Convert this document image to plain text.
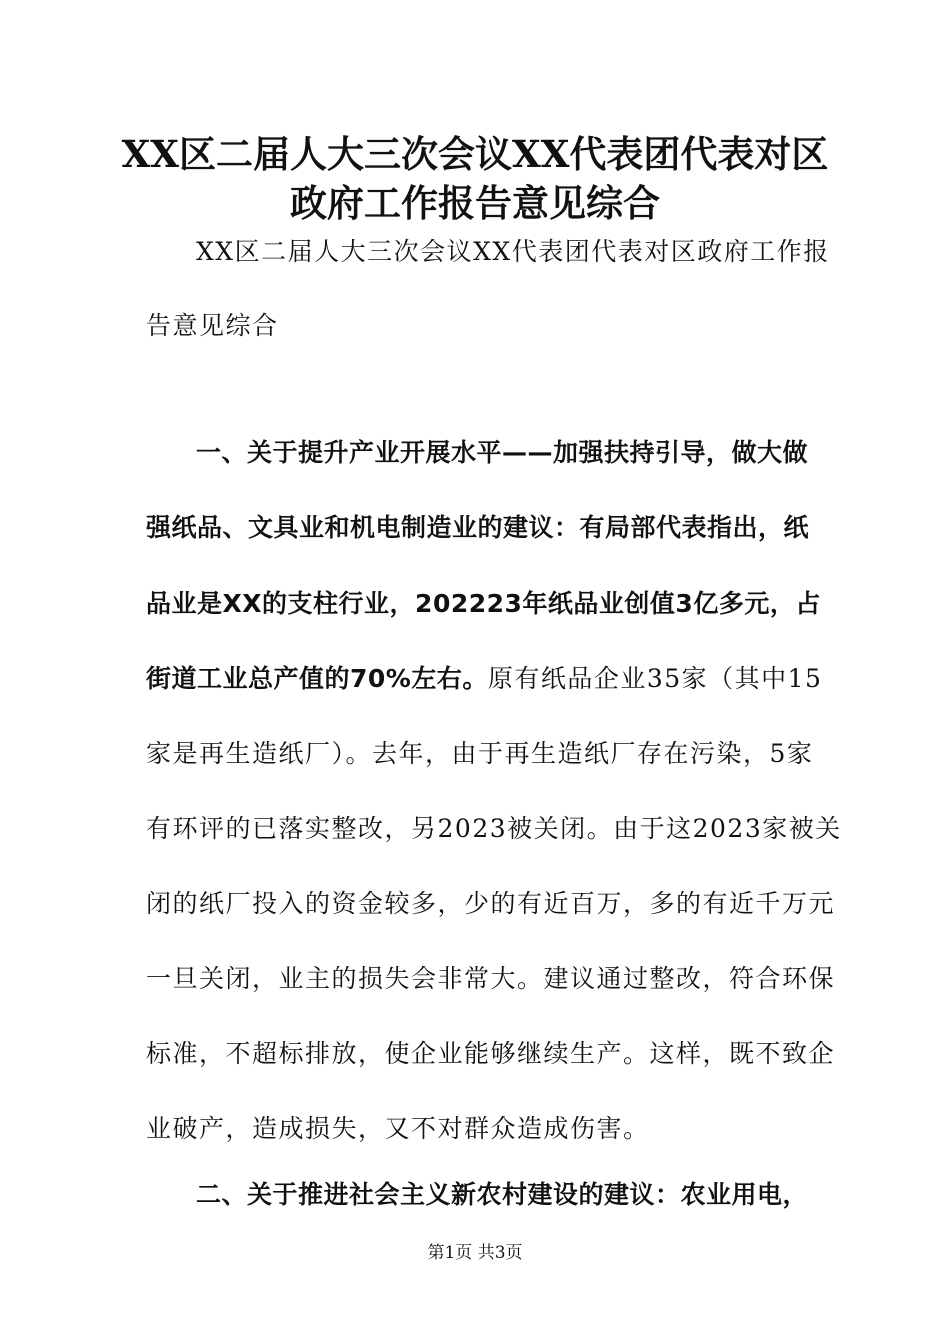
XX区二届人大三次会议XX代表团代表对区
政府工作报告意见综合
XX区二届人大三次会议XX代表团代表对区政府工作报
告意见综合
一、关于提升产业开展水平——加强扶持引导，做大做
强纸品、文具业和机电制造业的建议：有局部代表指出，纸
品业是XX的支柱行业，202223年纸品业创值3亿多元，占
街道工业总产值的70%左右。原有纸品企业35家（其中15
家是再生造纸厂）。去年，由于再生造纸厂存在污染，5家
有环评的已落实整改，另2023被关闭。由于这2023家被关
闭的纸厂投入的资金较多，少的有近百万，多的有近千万元
一旦关闭，业主的损失会非常大。建议通过整改，符合环保
标准，不超标排放，使企业能够继续生产。这样，既不致企
业破产，造成损失，又不对群众造成伤害。
二、关于推进社会主义新农村建设的建议：农业用电，
第1页 共3页
